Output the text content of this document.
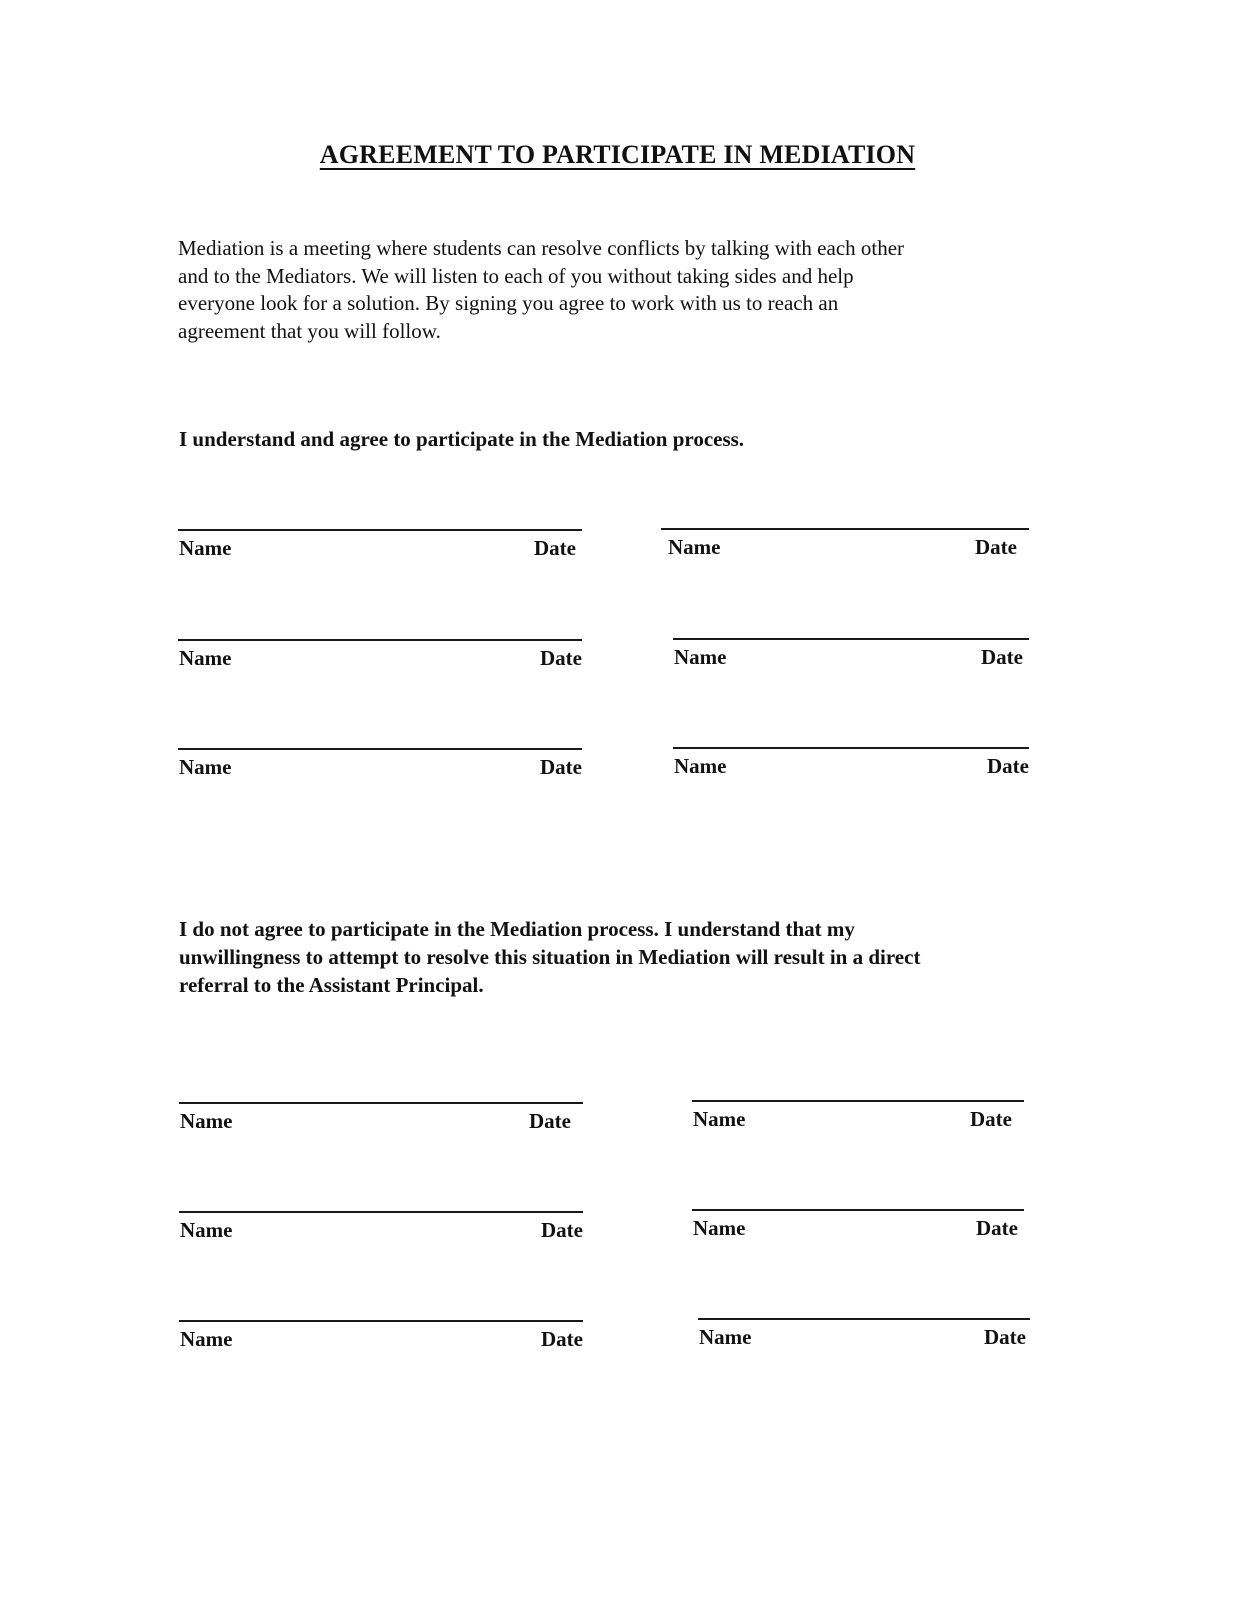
AGREEMENT TO PARTICIPATE IN MEDIATION

Mediation is a meeting where students can resolve conflicts by talking with each other
and to the Mediators. We will listen to each of you without taking sides and help
everyone look for a solution. By signing you agree to work with us to reach an
agreement that you will follow.

I understand and agree to participate in the Mediation process.

Name	Date	Name	Date
Name	Date	Name	Date
Name	Date	Name	Date

I do not agree to participate in the Mediation process. I understand that my
unwillingness to attempt to resolve this situation in Mediation will result in a direct
referral to the Assistant Principal.

Name	Date	Name	Date
Name	Date	Name	Date
Name	Date	Name	Date
